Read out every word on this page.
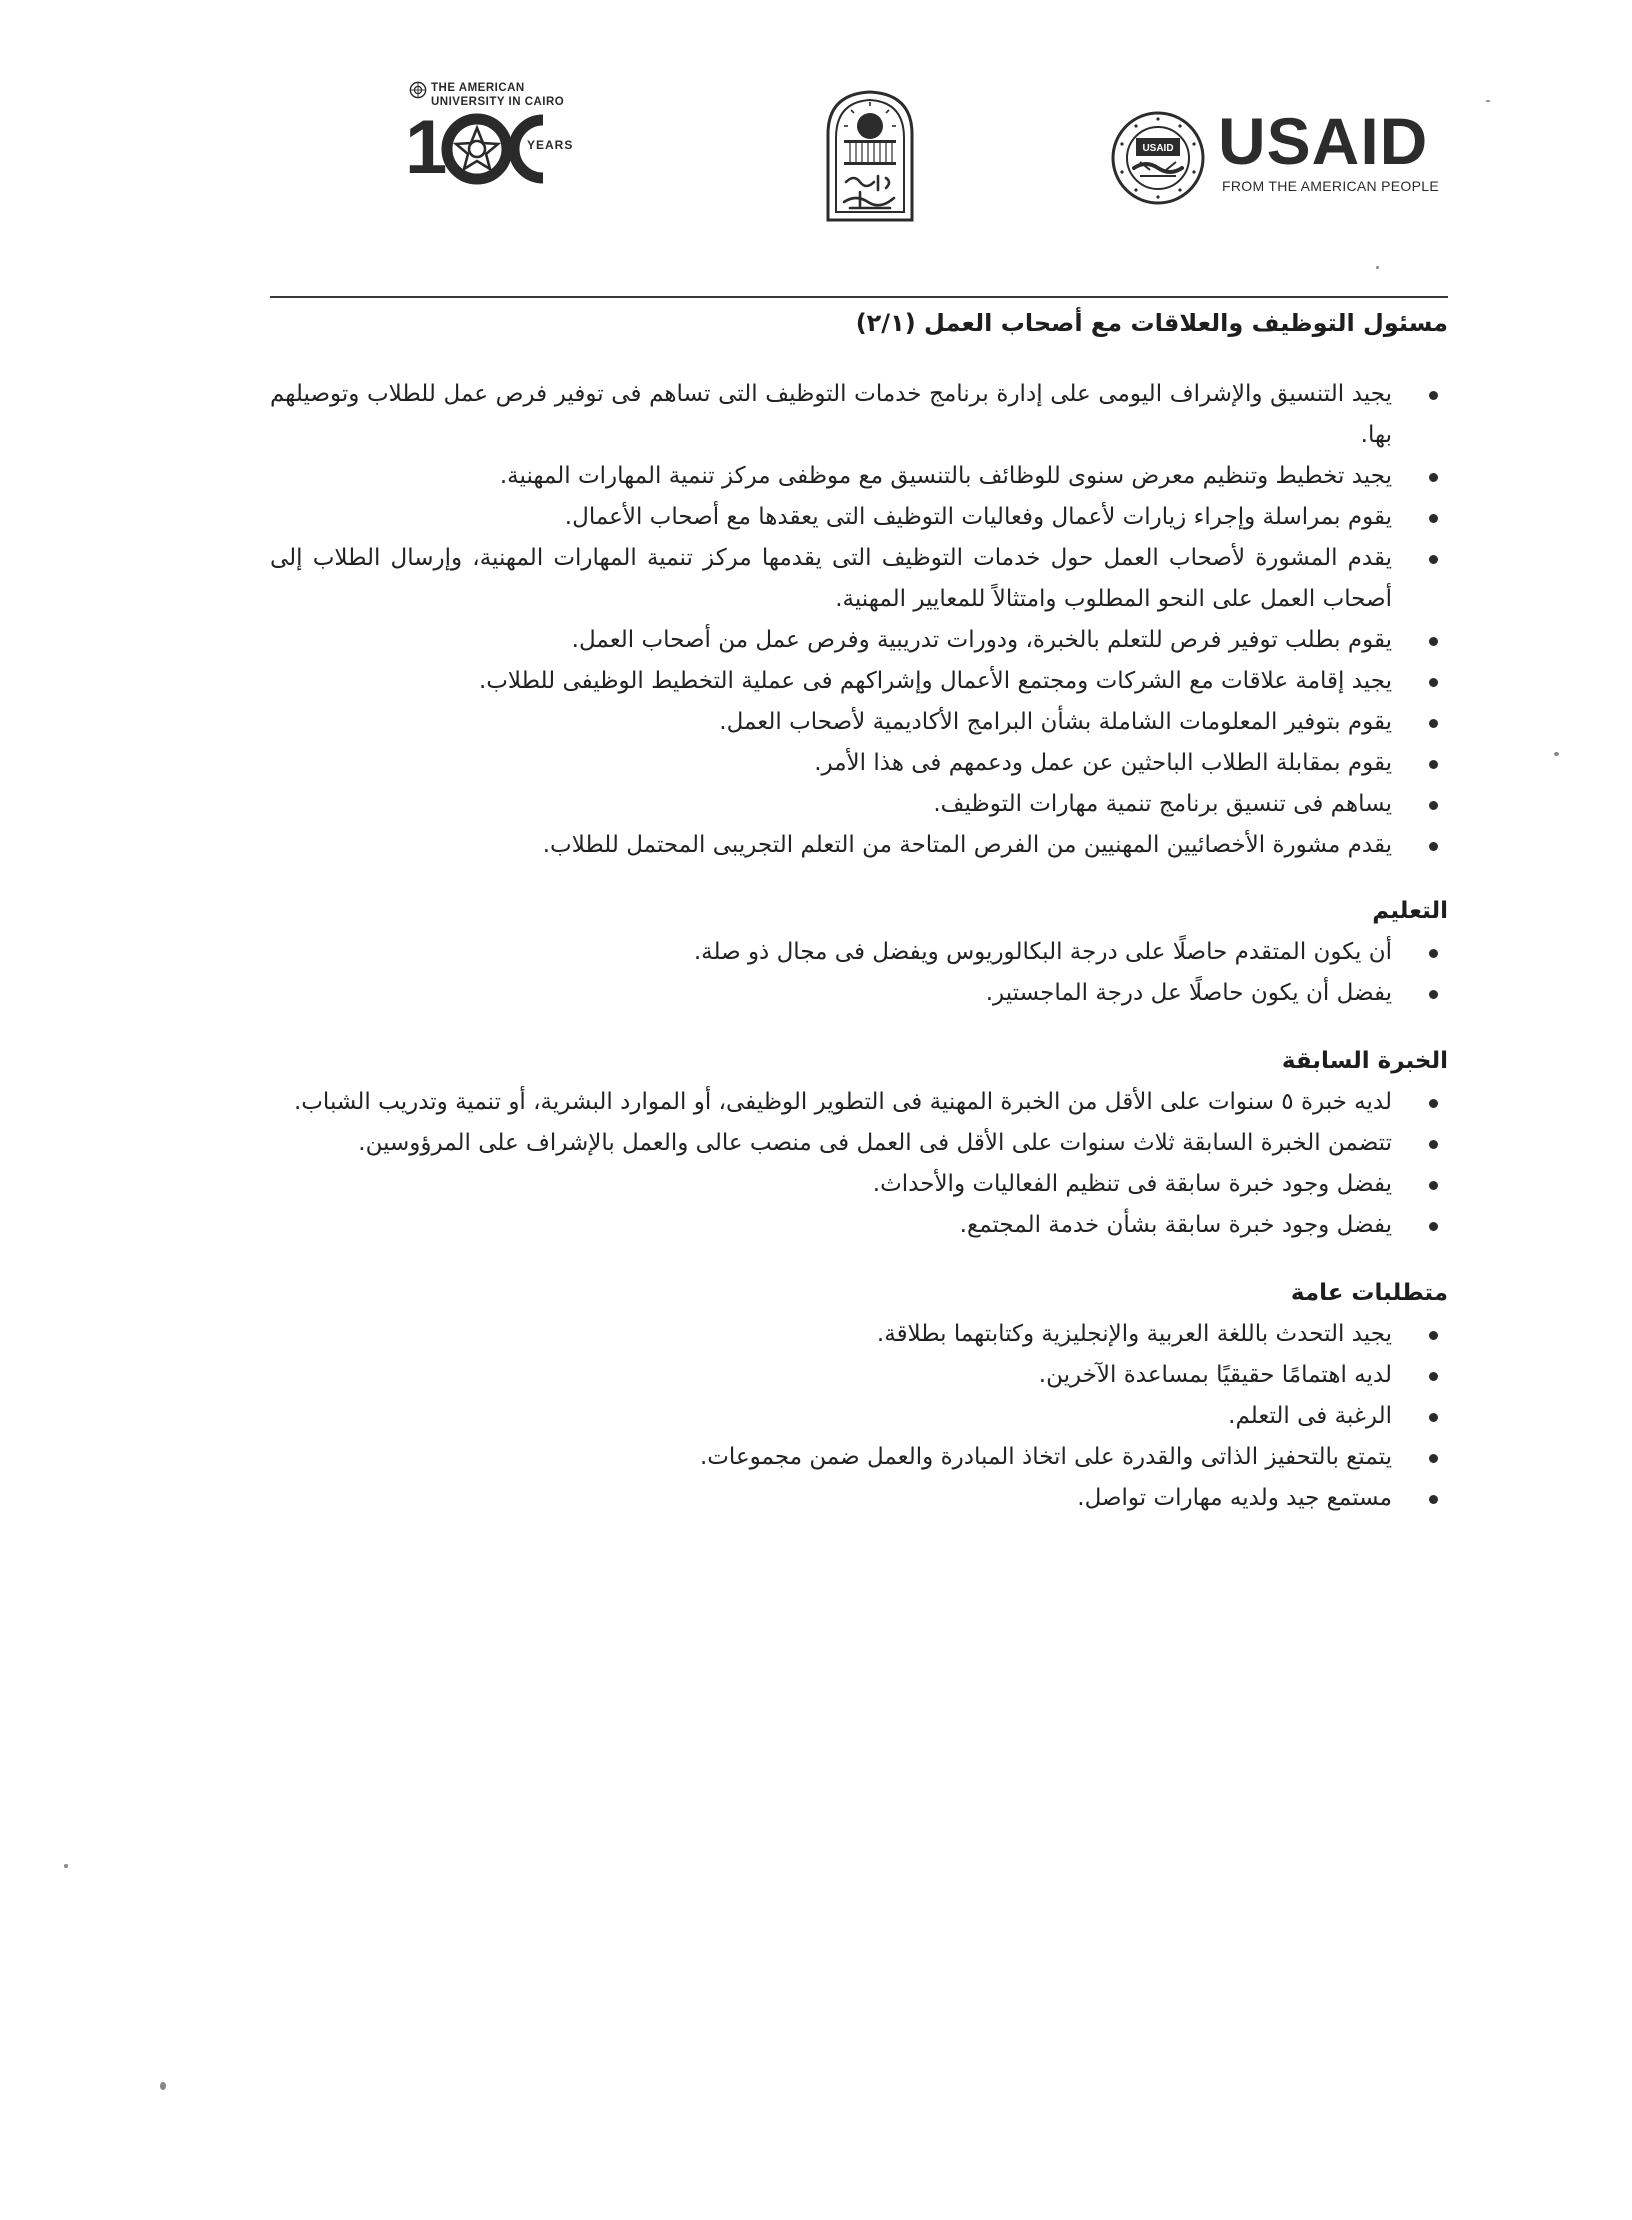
THE AMERICAN
UNIVERSITY IN CAIRO
1	YEARS	USAID USAID
FROM THE AMERICAN PEOPLE
مسئول التوظيف والعلاقات مع أصحاب العمل (٢/١)
يجيد التنسيق والإشراف اليومى على إدارة برنامج خدمات التوظيف التى تساهم فى توفير فرص عمل للطلاب وتوصيلهم بها.
يجيد تخطيط وتنظيم معرض سنوى للوظائف بالتنسيق مع موظفى مركز تنمية المهارات المهنية.
يقوم بمراسلة وإجراء زيارات لأعمال وفعاليات التوظيف التى يعقدها مع أصحاب الأعمال.
يقدم المشورة لأصحاب العمل حول خدمات التوظيف التى يقدمها مركز تنمية المهارات المهنية، وإرسال الطلاب إلى أصحاب العمل على النحو المطلوب وامتثالاً للمعايير المهنية.
يقوم بطلب توفير فرص للتعلم بالخبرة، ودورات تدريبية وفرص عمل من أصحاب العمل.
يجيد إقامة علاقات مع الشركات ومجتمع الأعمال وإشراكهم فى عملية التخطيط الوظيفى للطلاب.
يقوم بتوفير المعلومات الشاملة بشأن البرامج الأكاديمية لأصحاب العمل.
يقوم بمقابلة الطلاب الباحثين عن عمل ودعمهم فى هذا الأمر.
يساهم فى تنسيق برنامج تنمية مهارات التوظيف.
يقدم مشورة الأخصائيين المهنيين من الفرص المتاحة من التعلم التجريبى المحتمل للطلاب.
التعليم
أن يكون المتقدم حاصلًا على درجة البكالوريوس ويفضل فى مجال ذو صلة.
يفضل أن يكون حاصلًا عل درجة الماجستير.
الخبرة السابقة
لديه خبرة ٥ سنوات على الأقل من الخبرة المهنية فى التطوير الوظيفى، أو الموارد البشرية، أو تنمية وتدريب الشباب.
تتضمن الخبرة السابقة ثلاث سنوات على الأقل فى العمل فى منصب عالى والعمل بالإشراف على المرؤوسين.
يفضل وجود خبرة سابقة فى تنظيم الفعاليات والأحداث.
يفضل وجود خبرة سابقة بشأن خدمة المجتمع.
متطلبات عامة
يجيد التحدث باللغة العربية والإنجليزية وكتابتهما بطلاقة.
لديه اهتمامًا حقيقيًا بمساعدة الآخرين.
الرغبة فى التعلم.
يتمتع بالتحفيز الذاتى والقدرة على اتخاذ المبادرة والعمل ضمن مجموعات.
مستمع جيد ولديه مهارات تواصل.
